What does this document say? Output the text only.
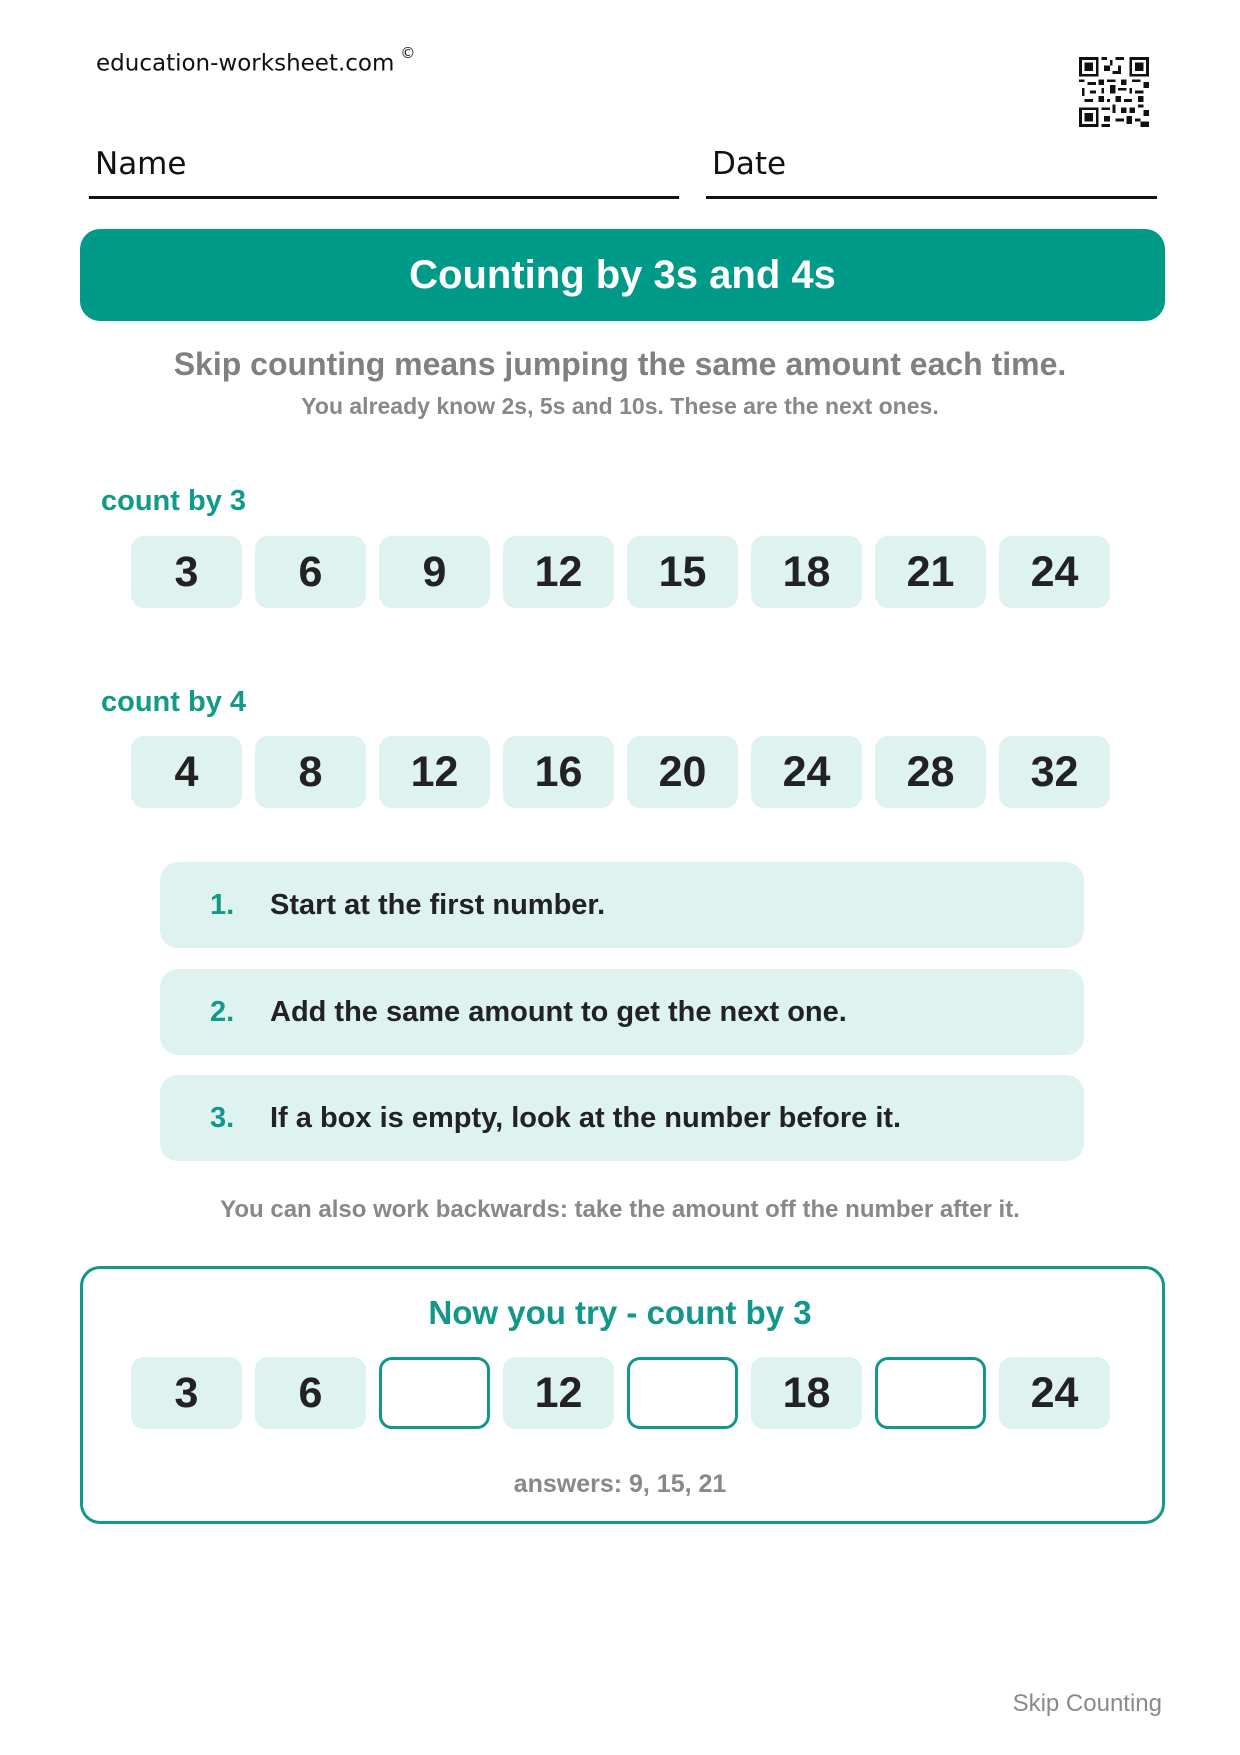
education-worksheet.com ©
Name	Date
Counting by 3s and 4s
Skip counting means jumping the same amount each time.
You already know 2s, 5s and 10s. These are the next ones.
count by 3
3	6	9	12	15	18	21	24
count by 4
4	8	12	16	20	24	28	32
1. Start at the first number.
2. Add the same amount to get the next one.
3. If a box is empty, look at the number before it.
You can also work backwards: take the amount off the number after it.
Now you try - count by 3
3	6	12	18	24
answers: 9, 15, 21
Skip Counting
